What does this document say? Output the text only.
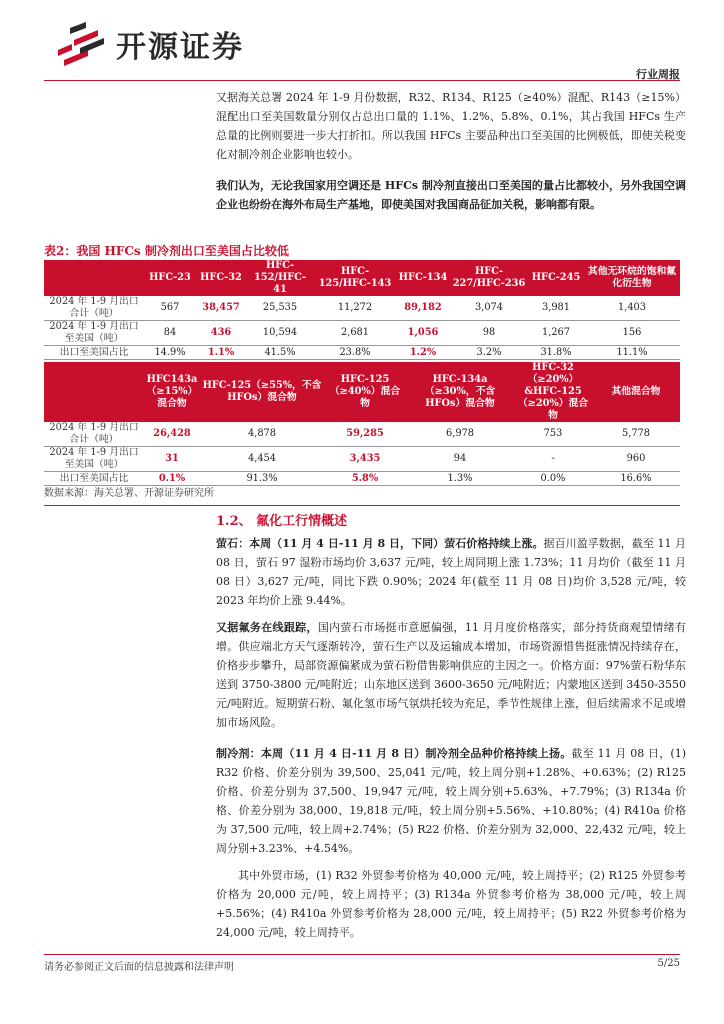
开源证券
行业周报

又据海关总署 2024 年 1-9 月份数据，R32、R134、R125（≥40%）混配、R143（≥15%）混配出口至美国数量分别仅占总出口量的 1.1%、1.2%、5.8%、0.1%，其占我国 HFCs 生产总量的比例则要进一步大打折扣。所以我国 HFCs 主要品种出口至美国的比例极低，即使关税变化对制冷剂企业影响也较小。

我们认为，无论我国家用空调还是 HFCs 制冷剂直接出口至美国的量占比都较小，另外我国空调企业也纷纷在海外布局生产基地，即使美国对我国商品征加关税，影响都有限。

表2：我国 HFCs 制冷剂出口至美国占比较低
	HFC-23	HFC-32	HFC-152/HFC-41	HFC-125/HFC-143	HFC-134	HFC-227/HFC-236	HFC-245	其他无环烷的饱和氟化衍生物
2024 年 1-9 月出口合计（吨）	567	38,457	25,535	11,272	89,182	3,074	3,981	1,403
2024 年 1-9 月出口至美国（吨）	84	436	10,594	2,681	1,056	98	1,267	156
出口至美国占比	14.9%	1.1%	41.5%	23.8%	1.2%	3.2%	31.8%	11.1%
	HFC143a（≥15%）混合物	HFC-125（≥55%，不含 HFOs）混合物	HFC-125（≥40%）混合物	HFC-134a（≥30%，不含 HFOs）混合物	HFC-32（≥20%）&HFC-125（≥20%）混合物	其他混合物
2024 年 1-9 月出口合计（吨）	26,428	4,878	59,285	6,978	753	5,778
2024 年 1-9 月出口至美国（吨）	31	4,454	3,435	94	-	960
出口至美国占比	0.1%	91.3%	5.8%	1.3%	0.0%	16.6%
数据来源：海关总署、开源证券研究所
1.2、 氟化工行情概述

萤石：本周（11 月 4 日-11 月 8 日，下同）萤石价格持续上涨。据百川盈孚数据，截至 11 月 08 日，萤石 97 湿粉市场均价 3,637 元/吨，较上周同期上涨 1.73%；11 月均价（截至 11 月 08 日）3,627 元/吨，同比下跌 0.90%；2024 年(截至 11 月 08 日)均价 3,528 元/吨，较 2023 年均价上涨 9.44%。

又据氟务在线跟踪，国内萤石市场挺市意愿偏强，11 月月度价格落实，部分持货商观望情绪有增。供应端北方天气逐渐转冷，萤石生产以及运输成本增加，市场资源惜售挺涨情况持续存在，价格步步攀升，局部资源偏紧成为萤石粉借售影响供应的主因之一。价格方面：97%萤石粉华东送到 3750-3800 元/吨附近；山东地区送到 3600-3650 元/吨附近；内蒙地区送到 3450-3550 元/吨附近。短期萤石粉、氟化氢市场气氛烘托较为充足，季节性规律上涨，但后续需求不足或增加市场风险。

制冷剂：本周（11 月 4 日-11 月 8 日）制冷剂全品种价格持续上扬。截至 11 月 08 日，(1) R32 价格、价差分别为 39,500、25,041 元/吨，较上周分别+1.28%、+0.63%；(2) R125 价格、价差分别为 37,500、19,947 元/吨，较上周分别+5.63%、+7.79%；(3) R134a 价格、价差分别为 38,000、19,818 元/吨，较上周分别+5.56%、+10.80%；(4) R410a 价格为 37,500 元/吨，较上周+2.74%；(5) R22 价格、价差分别为 32,000、22,432 元/吨，较上周分别+3.23%、+4.54%。

其中外贸市场，(1) R32 外贸参考价格为 40,000 元/吨，较上周持平；(2) R125 外贸参考价格为 20,000 元/吨，较上周持平；(3) R134a 外贸参考价格为 38,000 元/吨，较上周+5.56%；(4) R410a 外贸参考价格为 28,000 元/吨，较上周持平；(5) R22 外贸参考价格为 24,000 元/吨，较上周持平。

请务必参阅正文后面的信息披露和法律声明	5/25
